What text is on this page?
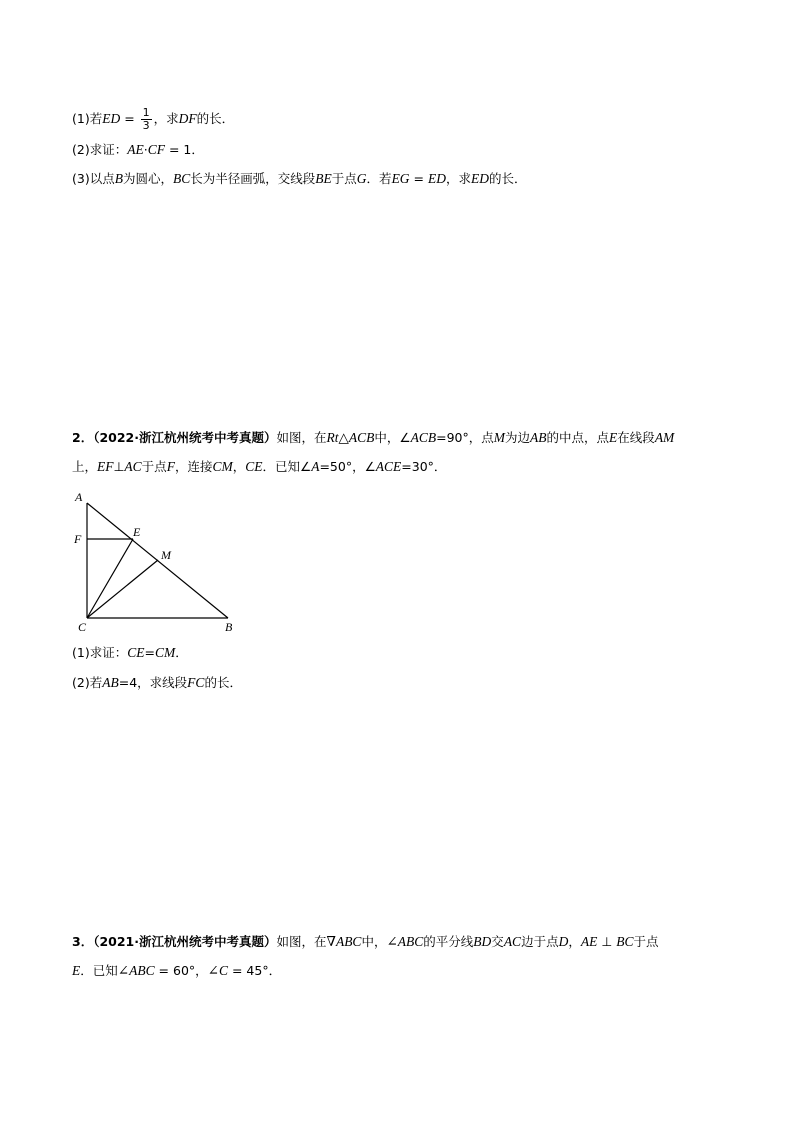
(1)若ED = $\frac{1}{3}$ ，求DF的长．
(2)求证：AE·CF = 1．
(3)以点B为圆心，BC长为半径画弧，交线段BE于点G．若EG = ED，求ED的长．
2．（2022·浙江杭州统考中考真题）如图，在Rt△ACB中，∠ACB=90°，点M为边AB的中点，点E在线段AM
上，EF⊥AC于点F，连接CM，CE．已知∠A=50°，∠ACE=30°．
A
F	E
M
C	B
(1)求证：CE=CM．
(2)若AB=4，求线段FC的长．
3．（2021·浙江杭州统考中考真题）如图，在∇ABC中，∠ABC的平分线BD交AC边于点D，AE ⊥ BC于点
E．已知∠ABC = 60°，∠C = 45°．
